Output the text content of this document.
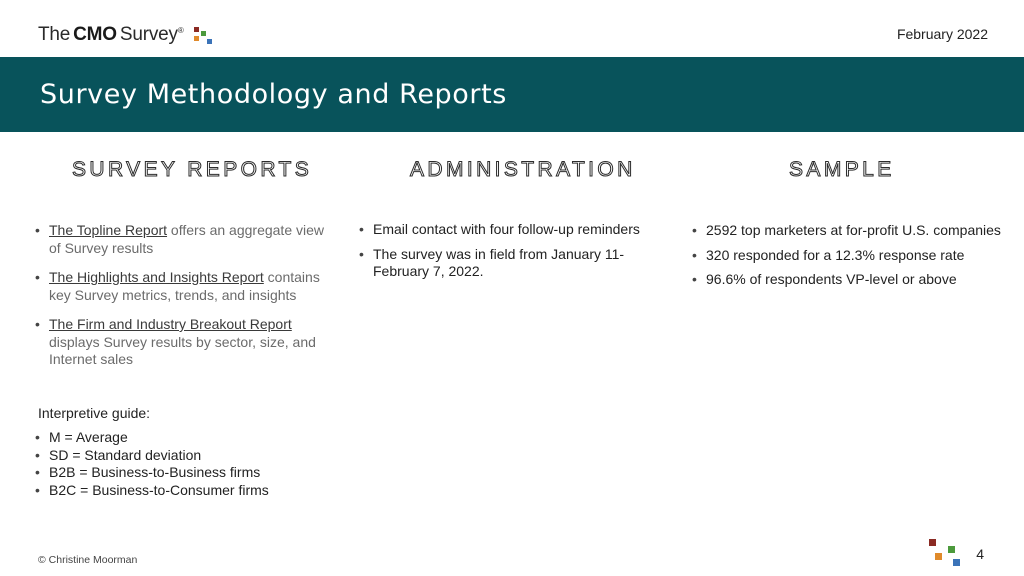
The CMO Survey®	February 2022
Survey Methodology and Reports
SURVEY REPORTS
• The Topline Report offers an aggregate view of Survey results
• The Highlights and Insights Report contains key Survey metrics, trends, and insights
• The Firm and Industry Breakout Report displays Survey results by sector, size, and Internet sales
Interpretive guide:
• M = Average
• SD = Standard deviation
• B2B = Business-to-Business firms
• B2C = Business-to-Consumer firms
ADMINISTRATION
• Email contact with four follow-up reminders
• The survey was in field from January 11-February 7, 2022.
SAMPLE
• 2592 top marketers at for-profit U.S. companies
• 320 responded for a 12.3% response rate
• 96.6% of respondents VP-level or above
© Christine Moorman	4
